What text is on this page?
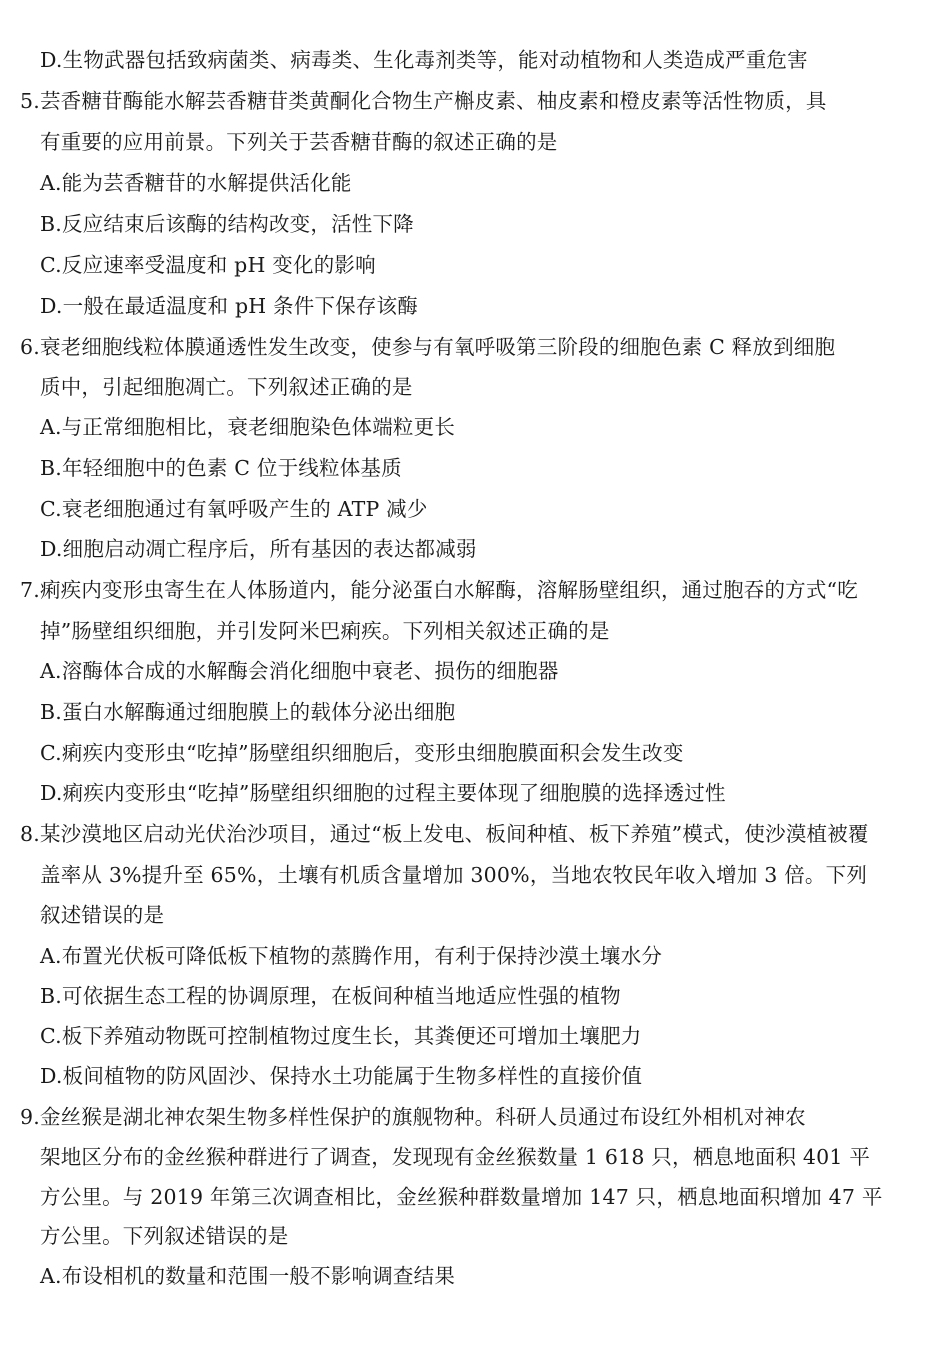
D.生物武器包括致病菌类、病毒类、生化毒剂类等，能对动植物和人类造成严重危害
5.芸香糖苷酶能水解芸香糖苷类黄酮化合物生产槲皮素、柚皮素和橙皮素等活性物质，具
有重要的应用前景。下列关于芸香糖苷酶的叙述正确的是
A.能为芸香糖苷的水解提供活化能
B.反应结束后该酶的结构改变，活性下降
C.反应速率受温度和 pH 变化的影响
D.一般在最适温度和 pH 条件下保存该酶
6.衰老细胞线粒体膜通透性发生改变，使参与有氧呼吸第三阶段的细胞色素 C 释放到细胞
质中，引起细胞凋亡。下列叙述正确的是
A.与正常细胞相比，衰老细胞染色体端粒更长
B.年轻细胞中的色素 C 位于线粒体基质
C.衰老细胞通过有氧呼吸产生的 ATP 减少
D.细胞启动凋亡程序后，所有基因的表达都减弱
7.痢疾内变形虫寄生在人体肠道内，能分泌蛋白水解酶，溶解肠壁组织，通过胞吞的方式“吃
掉”肠壁组织细胞，并引发阿米巴痢疾。下列相关叙述正确的是
A.溶酶体合成的水解酶会消化细胞中衰老、损伤的细胞器
B.蛋白水解酶通过细胞膜上的载体分泌出细胞
C.痢疾内变形虫“吃掉”肠壁组织细胞后，变形虫细胞膜面积会发生改变
D.痢疾内变形虫“吃掉”肠壁组织细胞的过程主要体现了细胞膜的选择透过性
8.某沙漠地区启动光伏治沙项目，通过“板上发电、板间种植、板下养殖”模式，使沙漠植被覆
盖率从 3%提升至 65%，土壤有机质含量增加 300%，当地农牧民年收入增加 3 倍。下列
叙述错误的是
A.布置光伏板可降低板下植物的蒸腾作用，有利于保持沙漠土壤水分
B.可依据生态工程的协调原理，在板间种植当地适应性强的植物
C.板下养殖动物既可控制植物过度生长，其粪便还可增加土壤肥力
D.板间植物的防风固沙、保持水土功能属于生物多样性的直接价值
9.金丝猴是湖北神农架生物多样性保护的旗舰物种。科研人员通过布设红外相机对神农
架地区分布的金丝猴种群进行了调查，发现现有金丝猴数量 1 618 只，栖息地面积 401 平
方公里。与 2019 年第三次调查相比，金丝猴种群数量增加 147 只，栖息地面积增加 47 平
方公里。下列叙述错误的是
A.布设相机的数量和范围一般不影响调查结果
